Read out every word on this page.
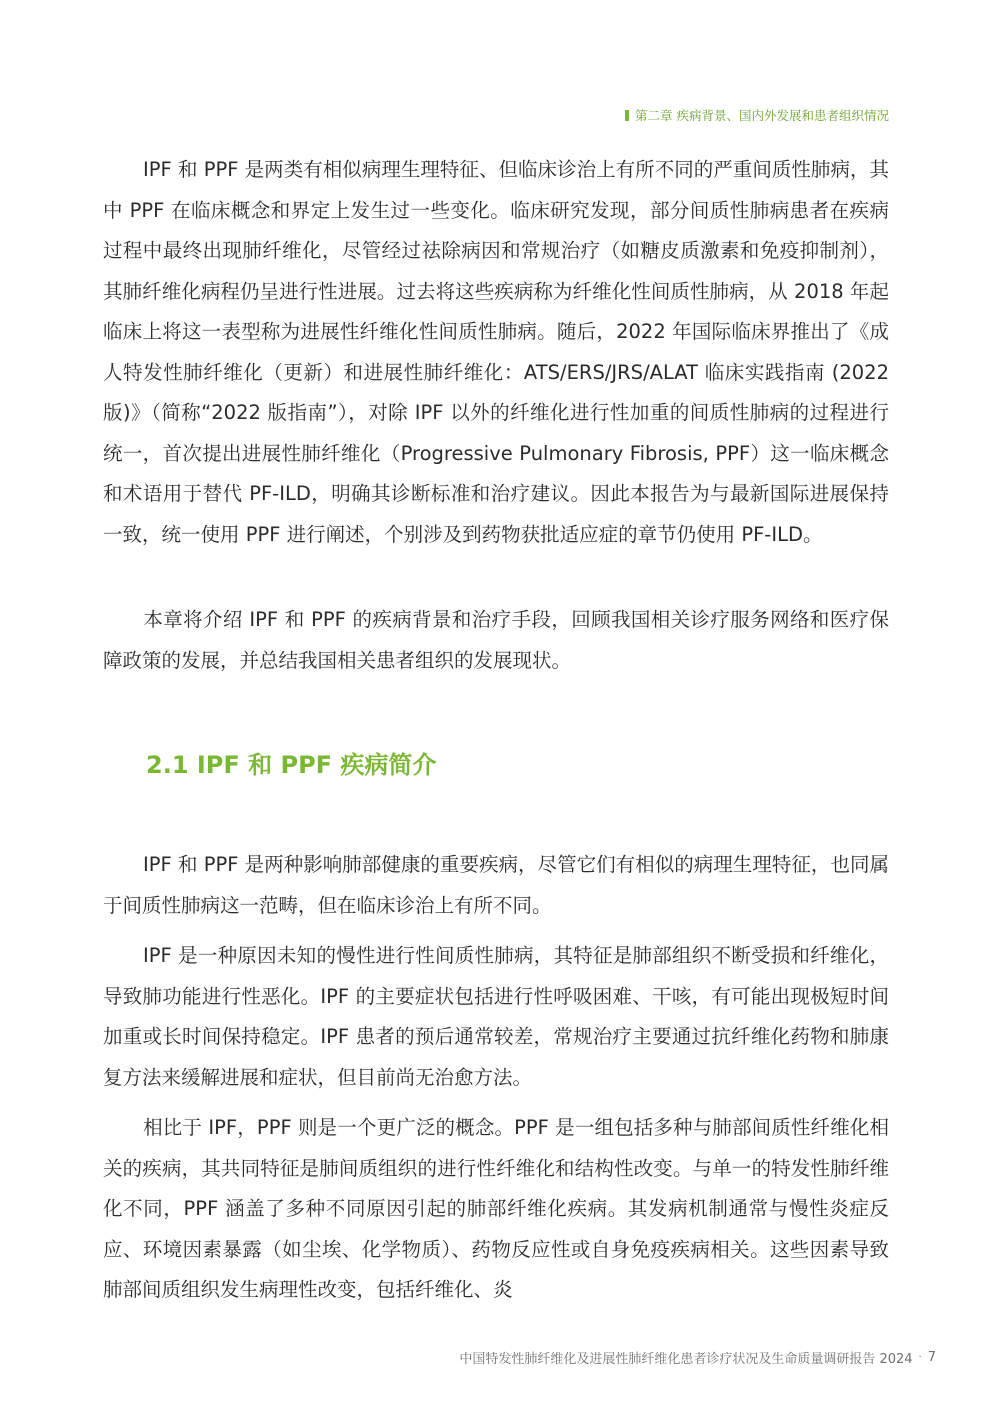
第二章 疾病背景、国内外发展和患者组织情况

IPF 和 PPF 是两类有相似病理生理特征、但临床诊治上有所不同的严重间质性肺病，其中 PPF 在临床概念和界定上发生过一些变化。临床研究发现，部分间质性肺病患者在疾病过程中最终出现肺纤维化，尽管经过祛除病因和常规治疗（如糖皮质激素和免疫抑制剂），其肺纤维化病程仍呈进行性进展。过去将这些疾病称为纤维化性间质性肺病，从 2018 年起临床上将这一表型称为进展性纤维化性间质性肺病。随后，2022 年国际临床界推出了《成人特发性肺纤维化（更新）和进展性肺纤维化：ATS/ERS/JRS/ALAT 临床实践指南 (2022 版)》（简称“2022 版指南”），对除 IPF 以外的纤维化进行性加重的间质性肺病的过程进行统一，首次提出进展性肺纤维化（Progressive Pulmonary Fibrosis, PPF）这一临床概念和术语用于替代 PF-ILD，明确其诊断标准和治疗建议。因此本报告为与最新国际进展保持一致，统一使用 PPF 进行阐述，个别涉及到药物获批适应症的章节仍使用 PF-ILD。

本章将介绍 IPF 和 PPF 的疾病背景和治疗手段，回顾我国相关诊疗服务网络和医疗保障政策的发展，并总结我国相关患者组织的发展现状。

2.1 IPF 和 PPF 疾病简介

IPF 和 PPF 是两种影响肺部健康的重要疾病，尽管它们有相似的病理生理特征，也同属于间质性肺病这一范畴，但在临床诊治上有所不同。

IPF 是一种原因未知的慢性进行性间质性肺病，其特征是肺部组织不断受损和纤维化，导致肺功能进行性恶化。IPF 的主要症状包括进行性呼吸困难、干咳，有可能出现极短时间加重或长时间保持稳定。IPF 患者的预后通常较差，常规治疗主要通过抗纤维化药物和肺康复方法来缓解进展和症状，但目前尚无治愈方法。

相比于 IPF，PPF 则是一个更广泛的概念。PPF 是一组包括多种与肺部间质性纤维化相关的疾病，其共同特征是肺间质组织的进行性纤维化和结构性改变。与单一的特发性肺纤维化不同，PPF 涵盖了多种不同原因引起的肺部纤维化疾病。其发病机制通常与慢性炎症反应、环境因素暴露（如尘埃、化学物质）、药物反应性或自身免疫疾病相关。这些因素导致肺部间质组织发生病理性改变，包括纤维化、炎

中国特发性肺纤维化及进展性肺纤维化患者诊疗状况及生命质量调研报告 2024 · 7
